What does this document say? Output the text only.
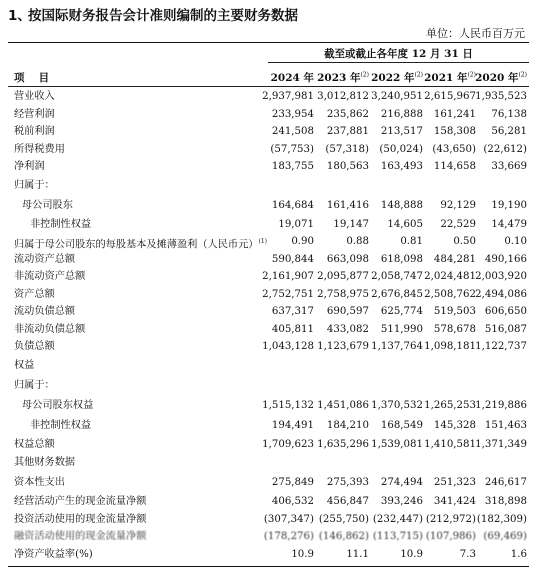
1、按国际财务报告会计准则编制的主要财务数据
单位：人民币百万元
截至或截止各年度 12 月 31 日
项 目	2024 年 2023 年$^{(2)}$ 2022 年$^{(2)}$ 2021 年$^{(2)}$ 2020 年$^{(2)}$
营业收入	2,937,981 3,012,812 3,240,951 2,615,967 1,935,523
经营利润	233,954 235,862 216,888 161,241 76,138
税前利润	241,508 237,881 213,517 158,308 56,281
所得税费用	(57,753) (57,318) (50,024) (43,650) (22,612)
净利润	183,755 180,563 163,493 114,658 33,669
归属于：
母公司股东	164,684 161,416 148,888 92,129 19,190
非控制性权益	19,071 19,147 14,605 22,529 14,479
归属于母公司股东的每股基本及摊薄盈利（人民币元）$^{(1)}$ 0.90	0.88	0.81	0.50	0.10
流动资产总额	590,844 663,098 618,098 484,281 490,166
非流动资产总额	2,161,907 2,095,877 2,058,747 2,024,481 2,003,920
资产总额	2,752,751 2,758,975 2,676,845 2,508,762 2,494,086
流动负债总额	637,317 690,597 625,774 519,503 606,650
非流动负债总额	405,811 433,082 511,990 578,678 516,087
负债总额	1,043,128 1,123,679 1,137,764 1,098,181 1,122,737
权益
归属于：
母公司股东权益	1,515,132 1,451,086 1,370,532 1,265,253 1,219,886
非控制性权益	194,491 184,210 168,549 145,328 151,463
权益总额	1,709,623 1,635,296 1,539,081 1,410,581 1,371,349
其他财务数据
资本性支出	275,849 275,393 274,494 251,323 246,617
经营活动产生的现金流量净额	406,532 456,847 393,246 341,424 318,898
投资活动使用的现金流量净额	(307,347) (255,750) (232,447) (212,972) (182,309)
融资活动使用的现金流量净额	(178,276) (146,862) (113,715) (107,986) (69,469)
净资产收益率(%)	10.9	11.1	10.9	7.3	1.6
